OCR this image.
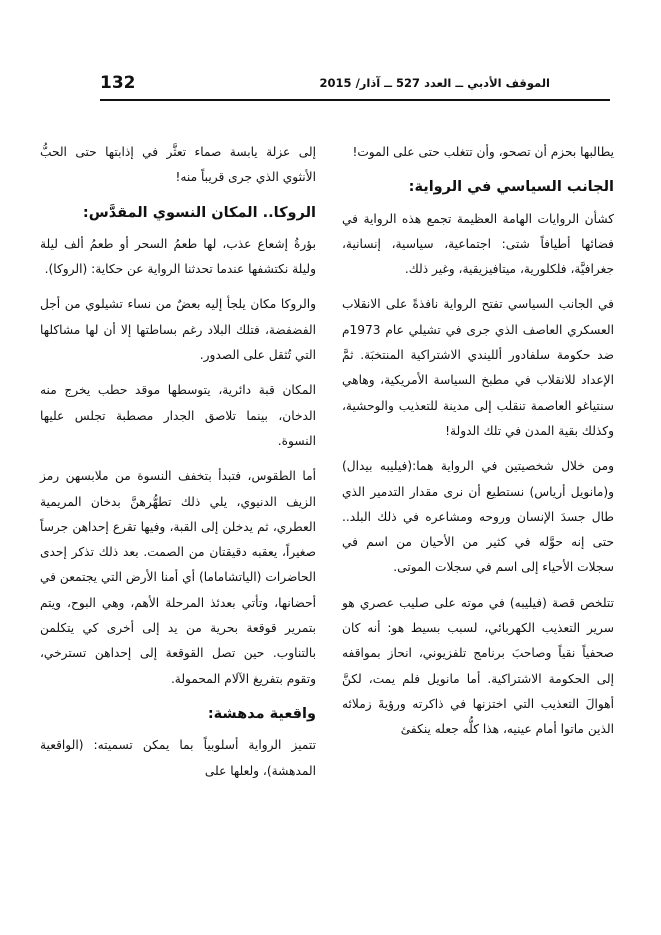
132	الموقف الأدبي ــ العدد 527 ــ آذار/ 2015

يطالبها بحزم أن تصحو، وأن تتغلب حتى على الموت!

الجانب السياسي في الرواية:

كشأن الروايات الهامة العظيمة تجمع هذه الرواية في فضائها أطيافاً شتى: اجتماعية، سياسية، إنسانية، جغرافيَّة، فلكلورية، ميتافيزيقية، وغير ذلك.

في الجانب السياسي تفتح الرواية نافذةً على الانقلاب العسكري العاصف الذي جرى في تشيلي عام 1973م ضد حكومة سلفادور ألليندي الاشتراكية المنتخبَة. ثمَّ الإعداد للانقلاب في مطبخ السياسة الأمريكية، وهاهي سنتياغو العاصمة تنقلب إلى مدينة للتعذيب والوحشية، وكذلك بقية المدن في تلك الدولة!

ومن خلال شخصيتين في الرواية هما:(فيليبه بيدال) و(مانويل أرياس) نستطيع أن نرى مقدار التدمير الذي طال جسدَ الإنسان وروحه ومشاعره في ذلك البلد.. حتى إنه حوَّله في كثير من الأحيان من اسم في سجلات الأحياء إلى اسم في سجلات الموتى.

تتلخص قصة (فيليبه) في موته على صليب عصري هو سرير التعذيب الكهربائي، لسبب بسيط هو: أنه كان صحفياً نقياً وصاحبَ برنامج تلفزيوني، انحاز بمواقفه إلى الحكومة الاشتراكية. أما مانويل فلم يمت، لكنَّ أهوالَ التعذيب التي اختزنها في ذاكرته ورؤيةَ زملائه الذين ماتوا أمام عينيه، هذا كلُّه جعله ينكفئ

إلى عزلة يابسة صماء تعثَّر في إذابتها حتى الحبُّ الأنثوي الذي جرى قريباً منه!

الروكا.. المكان النسوي المقدَّس:

بؤرةُ إشعاع عذب، لها طعمُ السحر أو طعمُ ألف ليلة وليلة نكتشفها عندما تحدثنا الرواية عن حكاية: (الروكا).

والروكا مكان يلجأ إليه بعضٌ من نساء تشيلوي من أجل الفضفضة، فتلك البلاد رغم بساطتها إلا أن لها مشاكلها التي تُثقل على الصدور.

المكان قبة دائرية، يتوسطها موقد حطب يخرج منه الدخان، بينما تلاصق الجدار مصطبة تجلس عليها النسوة.

أما الطقوس، فتبدأ بتخفف النسوة من ملابسهن رمز الزيف الدنيوي، يلي ذلك تطهُّرهنَّ بدخان المريمية العطري، ثم يدخلن إلى القبة، وفيها تقرع إحداهن جرساً صغيراً، يعقبه دقيقتان من الصمت. بعد ذلك تذكر إحدى الحاضرات (الياتشاماما) أي أمنا الأرض التي يجتمعن في أحضانها، وتأتي بعدئذ المرحلة الأهم، وهي البوح، ويتم بتمرير قوقعة بحرية من يد إلى أخرى كي يتكلمن بالتناوب. حين تصل القوقعة إلى إحداهن تسترخي، وتقوم بتفريغ الآلام المحمولة.

واقعية مدهشة:

تتميز الرواية أسلوبياً بما يمكن تسميته: (الواقعية المدهشة)، ولعلها على
